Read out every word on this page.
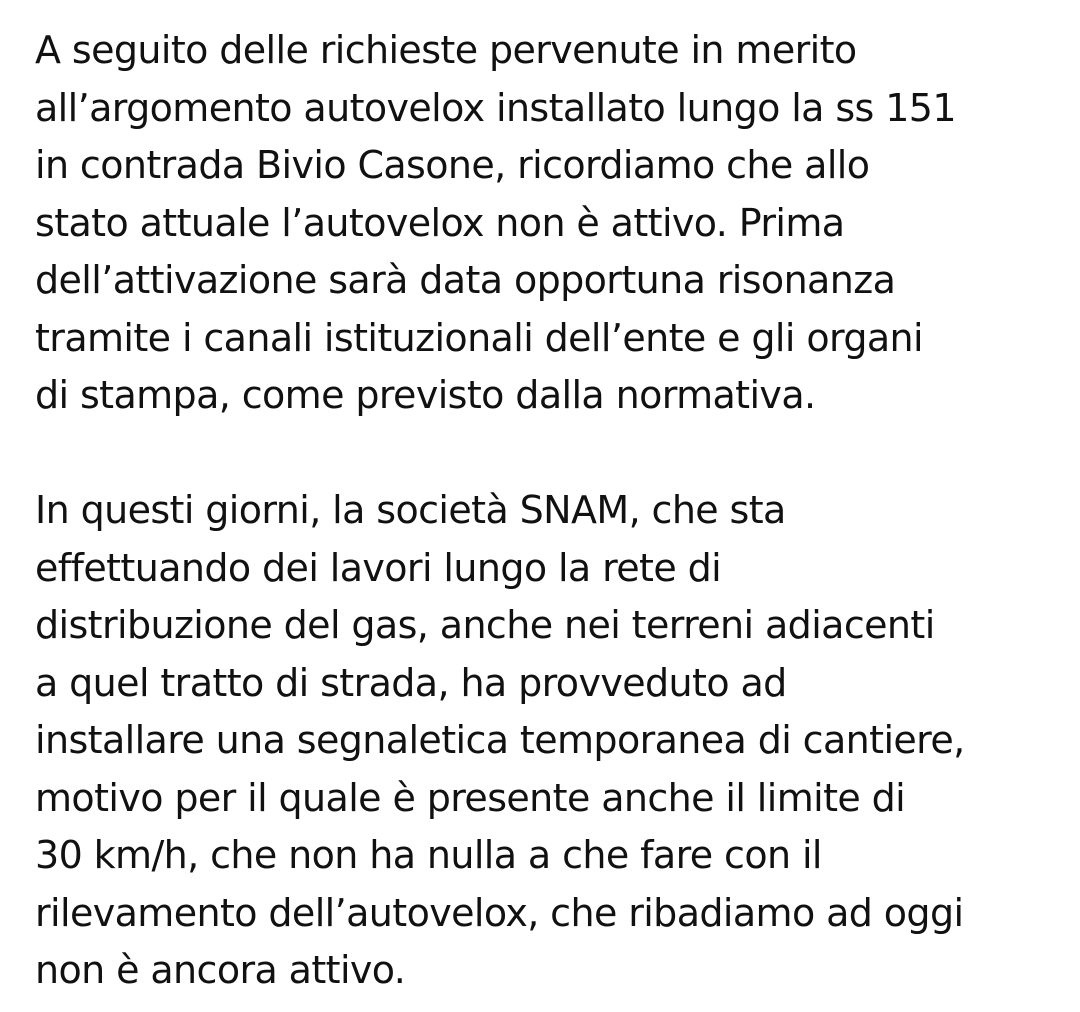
A seguito delle richieste pervenute in merito
all’argomento autovelox installato lungo la ss 151
in contrada Bivio Casone, ricordiamo che allo
stato attuale l’autovelox non è attivo. Prima
dell’attivazione sarà data opportuna risonanza
tramite i canali istituzionali dell’ente e gli organi
di stampa, come previsto dalla normativa.
In questi giorni, la società SNAM, che sta
effettuando dei lavori lungo la rete di
distribuzione del gas, anche nei terreni adiacenti
a quel tratto di strada, ha provveduto ad
installare una segnaletica temporanea di cantiere,
motivo per il quale è presente anche il limite di
30 km/h, che non ha nulla a che fare con il
rilevamento dell’autovelox, che ribadiamo ad oggi
non è ancora attivo.
